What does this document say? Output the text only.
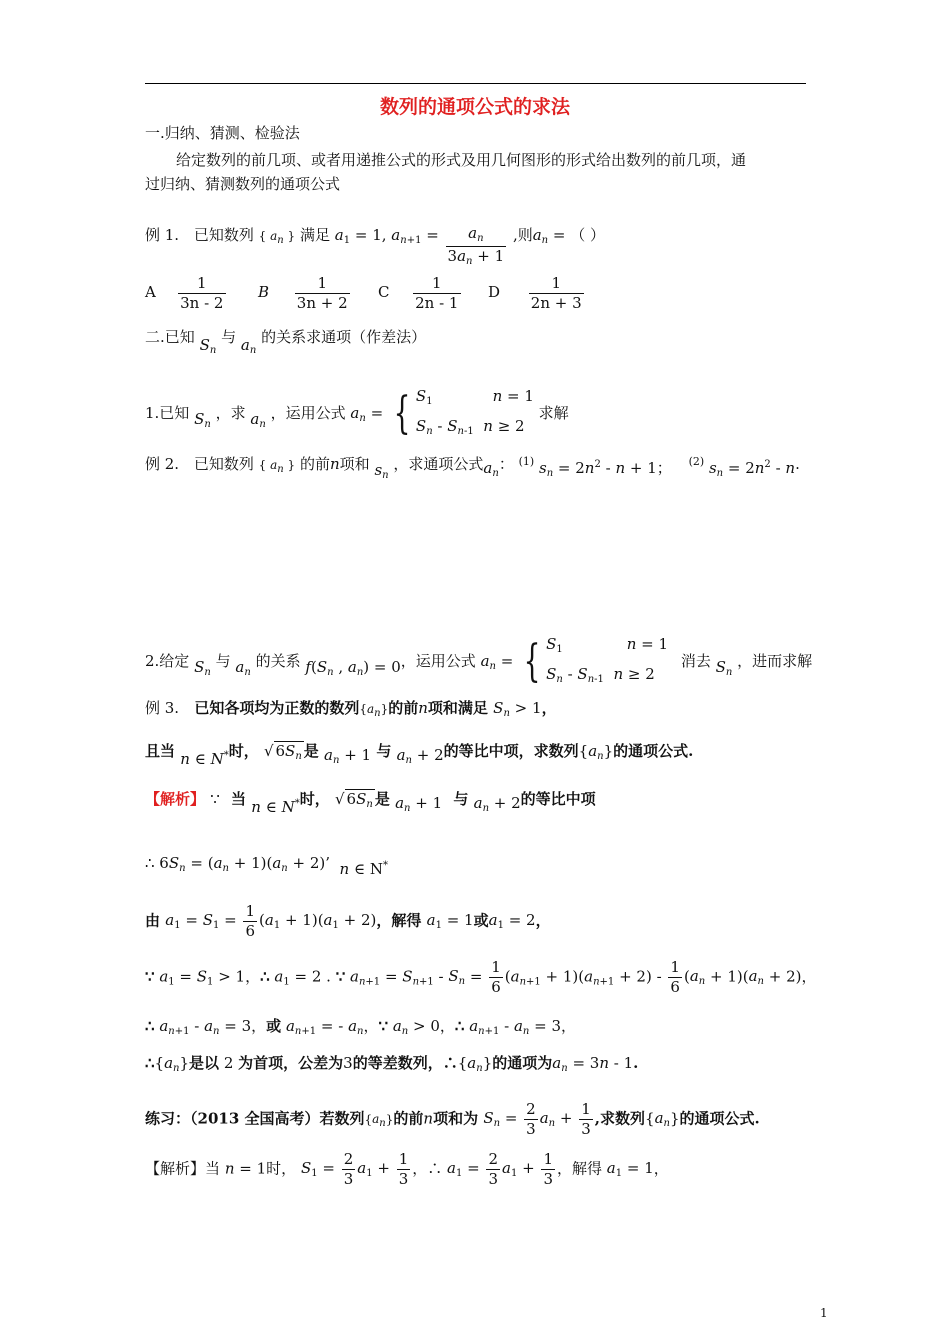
数列的通项公式的求法
一.归纳、猜测、检验法
给定数列的前几项、或者用递推公式的形式及用几何图形的形式给出数列的前几项，通
过归纳、猜测数列的通项公式
例 1. 已知数列 { $a_n$ } 满足 $a_1 = 1$, $a_{n+1} = \frac{a_n}{3a_n + 1}$ ,则$a_n$ = （ ）
A $\frac{1}{3n - 2}$ B $\frac{1}{3n + 2}$ C $\frac{1}{2n - 1}$ D $\frac{1}{2n + 3}$
二.已知 $S_n$ 与 $a_n$ 的关系求通项（作差法）
1.已知 $S_n$ ，求 $a_n$ ，运用公式 $a_n$ = { $S_1$	n = 1
$S_n - S_{n-1}$ n ≥ 2
求解
例 2. 已知数列 { $a_n$ } 的前n项和 $s_n$ ，求通项公式$a_n$： $^{(1)}$ $s_n = 2n^2 - n + 1$； $^{(2)}$ $s_n = 2n^2 - n\cdot$
2.给定 $S_n$ 与 $a_n$ 的关系 $f(S_n$ , $a_n) = 0$，运用公式 $a_n$ = { $S_1$	n = 1
$S_n - S_{n-1}$ n ≥ 2
消去 $S_n$ ，进而求解
例 3. 已知各项均为正数的数列$\{a_n\}$的前n项和满足 $S_n > 1$，
且当 n ∈ N*时， √ $6S_n$ 是 $a_n + 1$ 与 $a_n + 2$的等比中项，求数列$\{a_n\}$的通项公式.
【解析】 ∵ 当 n ∈ N*时， √ $6S_n$ 是 $a_n + 1$ 与 $a_n + 2$的等比中项
∴ $6S_n = (a_n + 1)(a_n + 2)$’  n ∈ N*
由 $a_1 = S_1 = \frac{1}{6} (a_1 + 1)(a_1 + 2)$，解得 $a_1 = 1$或$a_1 = 2$，
∵ $a_1 = S_1 > 1$，∴ $a_1 = 2$ . ∵ $a_{n+1} = S_{n+1} - S_n = \frac{1}{6} (a_{n+1} + 1)(a_{n+1} + 2) - \frac{1}{6} (a_n + 1)(a_n + 2)$，
∴ $a_{n+1} - a_n = 3$，或 $a_{n+1}$ = - $a_n$，∵ $a_n > 0$，∴ $a_{n+1} - a_n = 3$，
$\therefore\{a_n\}$是以 2 为首项，公差为3的等差数列，$\therefore\{a_n\}$的通项为$a_n = 3n - 1$.
练习：（2013 全国高考）若数列$\{a_n\}$的前n项和为 $S_n = \frac{2}{3} a_n + \frac{1}{3}$ ,求数列$\{a_n\}$的通项公式.
【解析】当 n = 1时， $S_1 = \frac{2}{3} a_1 + \frac{1}{3}$ ，∴ $a_1 = \frac{2}{3} a_1 + \frac{1}{3}$ ，解得 $a_1 = 1$，
1
